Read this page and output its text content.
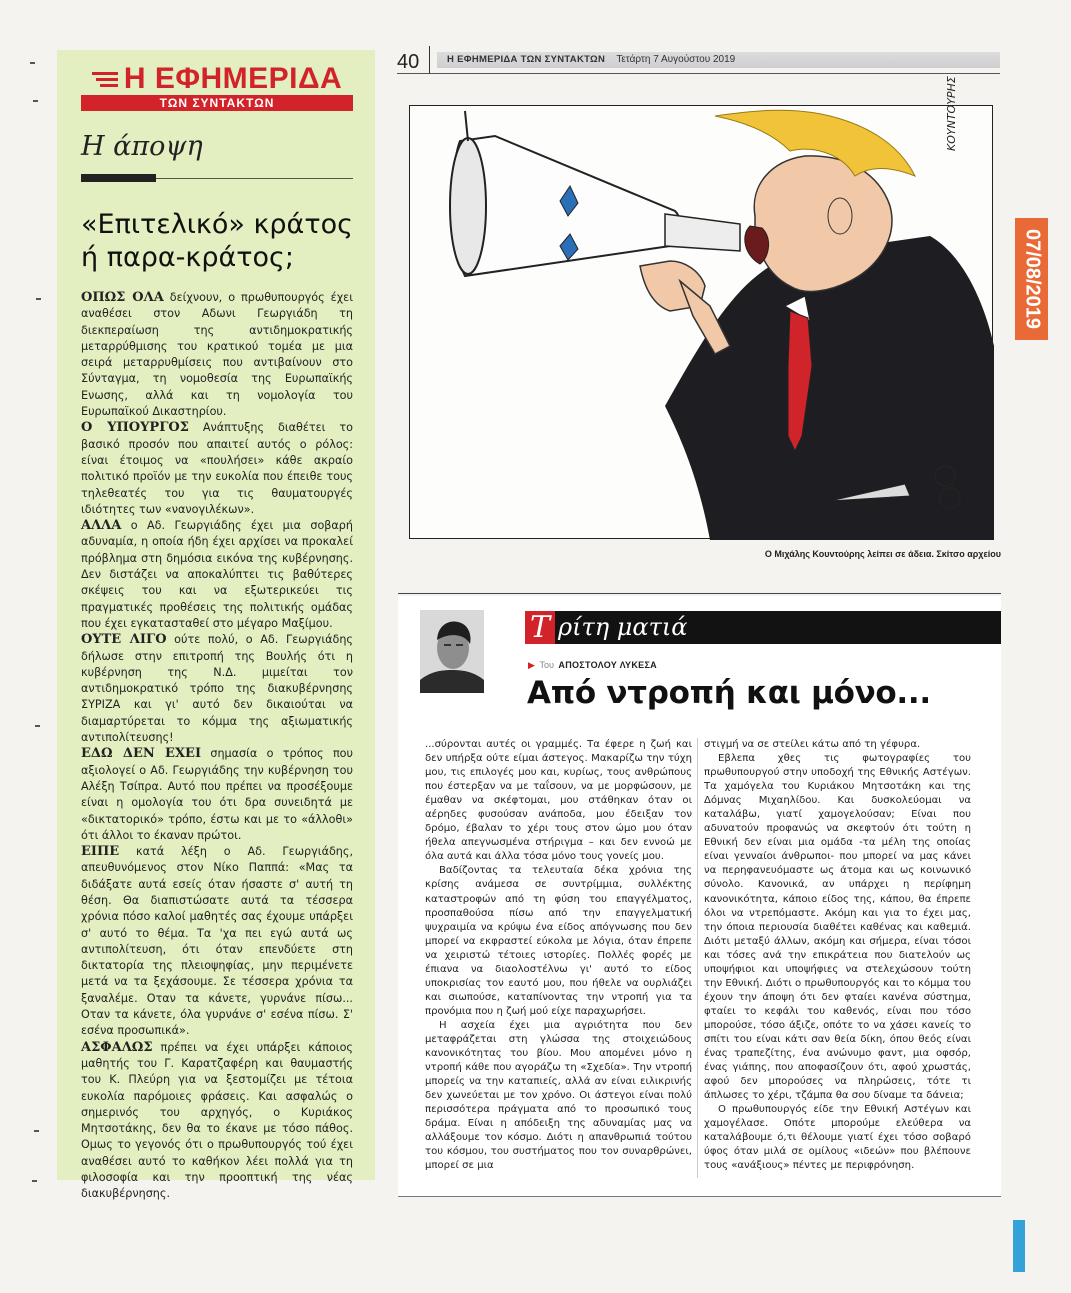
Η ΕΦΗΜΕΡΙΔΑ
ΤΩΝ ΣΥΝΤΑΚΤΩΝ
Η άποψη
«Επιτελικό» κράτος ή παρα-κράτος;

ΟΠΩΣ ΟΛΑ δείχνουν, ο πρωθυπουργός έχει αναθέσει στον Αδωνι Γεωργιάδη τη διεκπεραίωση της αντιδημοκρατικής μεταρρύθμισης του κρατικού τομέα με μια σειρά μεταρρυθμίσεις που αντιβαίνουν στο Σύνταγμα, τη νομοθεσία της Ευρωπαϊκής Ενωσης, αλλά και τη νομολογία του Ευρωπαϊκού Δικαστηρίου.

Ο ΥΠΟΥΡΓΟΣ Ανάπτυξης διαθέτει το βασικό προσόν που απαιτεί αυτός ο ρόλος: είναι έτοιμος να «πουλήσει» κάθε ακραίο πολιτικό προϊόν με την ευκολία που έπειθε τους τηλεθεατές του για τις θαυματουργές ιδιότητες των «νανογιλέκων».

ΑΛΛΑ ο Αδ. Γεωργιάδης έχει μια σοβαρή αδυναμία, η οποία ήδη έχει αρχίσει να προκαλεί πρόβλημα στη δημόσια εικόνα της κυβέρνησης. Δεν διστάζει να αποκαλύπτει τις βαθύτερες σκέψεις του και να εξωτερικεύει τις πραγματικές προθέσεις της πολιτικής ομάδας που έχει εγκατασταθεί στο μέγαρο Μαξίμου.

ΟΥΤΕ ΛΙΓΟ ούτε πολύ, ο Αδ. Γεωργιάδης δήλωσε στην επιτροπή της Βουλής ότι η κυβέρνηση της Ν.Δ. μιμείται τον αντιδημοκρατικό τρόπο της διακυβέρνησης ΣΥΡΙΖΑ και γι' αυτό δεν δικαιούται να διαμαρτύρεται το κόμμα της αξιωματικής αντιπολίτευσης!

ΕΔΩ ΔΕΝ ΕΧΕΙ σημασία ο τρόπος που αξιολογεί ο Αδ. Γεωργιάδης την κυβέρνηση του Αλέξη Τσίπρα. Αυτό που πρέπει να προσέξουμε είναι η ομολογία του ότι δρα συνειδητά με «δικτατορικό» τρόπο, έστω και με το «άλλοθι» ότι άλλοι το έκαναν πρώτοι.

ΕΙΠΕ κατά λέξη ο Αδ. Γεωργιάδης, απευθυνόμενος στον Νίκο Παππά: «Μας τα διδάξατε αυτά εσείς όταν ήσαστε σ' αυτή τη θέση. Θα διαπιστώσατε αυτά τα τέσσερα χρόνια πόσο καλοί μαθητές σας έχουμε υπάρξει σ' αυτό το θέμα. Τα 'χα πει εγώ αυτά ως αντιπολίτευση, ότι όταν επενδύετε στη δικτατορία της πλειοψηφίας, μην περιμένετε μετά να τα ξεχάσουμε. Σε τέσσερα χρόνια τα ξαναλέμε. Οταν τα κάνετε, γυρνάνε πίσω... Οταν τα κάνετε, όλα γυρνάνε σ' εσένα πίσω. Σ' εσένα προσωπικά».

ΑΣΦΑΛΩΣ πρέπει να έχει υπάρξει κάποιος μαθητής του Γ. Καρατζαφέρη και θαυμαστής του Κ. Πλεύρη για να ξεστομίζει με τέτοια ευκολία παρόμοιες φράσεις. Και ασφαλώς ο σημερινός του αρχηγός, ο Κυριάκος Μητσοτάκης, δεν θα το έκανε με τόσο πάθος. Ομως το γεγονός ότι ο πρωθυπουργός τού έχει αναθέσει αυτό το καθήκον λέει πολλά για τη φιλοσοφία και την προοπτική της νέας διακυβέρνησης.

40	Η ΕΦΗΜΕΡΙΔΑ ΤΩΝ ΣΥΝΤΑΚΤΩΝ Τετάρτη 7 Αυγούστου 2019
ΚΟΥΝΤΟΥΡΗΣ
Ο Μιχάλης Κουντούρης λείπει σε άδεια. Σκίτσο αρχείου
07/08/2019
Τ ρίτη ματιά
▶ Του ΑΠΟΣΤΟΛΟΥ ΛΥΚΕΣΑ
Από ντροπή και μόνο...

...σύρονται αυτές οι γραμμές. Τα έφερε η ζωή και δεν υπήρξα ούτε είμαι άστεγος. Μακαρίζω την τύχη μου, τις επιλογές μου και, κυρίως, τους ανθρώπους που έστερξαν να με ταΐσουν, να με μορφώσουν, με έμαθαν να σκέφτομαι, μου στάθηκαν όταν οι αέρηδες φυσούσαν ανάποδα, μου έδειξαν τον δρόμο, έβαλαν το χέρι τους στον ώμο μου όταν ήθελα απεγνωσμένα στήριγμα – και δεν εννοώ με όλα αυτά και άλλα τόσα μόνο τους γονείς μου.

Βαδίζοντας τα τελευταία δέκα χρόνια της κρίσης ανάμεσα σε συντρίμμια, συλλέκτης καταστροφών από τη φύση του επαγγέλματος, προσπαθούσα πίσω από την επαγγελματική ψυχραιμία να κρύψω ένα είδος απόγνωσης που δεν μπορεί να εκφραστεί εύκολα με λόγια, όταν έπρεπε να χειριστώ τέτοιες ιστορίες. Πολλές φορές με έπιανα να διαολοστέλνω γι' αυτό το είδος υποκρισίας τον εαυτό μου, που ήθελε να ουρλιάζει και σιωπούσε, καταπίνοντας την ντροπή για τα προνόμια που η ζωή μού είχε παραχωρήσει.

Η ασχεία έχει μια αγριότητα που δεν μεταφράζεται στη γλώσσα της στοιχειώδους κανονικότητας του βίου. Μου απομένει μόνο η ντροπή κάθε που αγοράζω τη «Σχεδία». Την ντροπή μπορείς να την καταπιείς, αλλά αν είναι ειλικρινής δεν χωνεύεται με τον χρόνο. Οι άστεγοι είναι πολύ περισσότερα πράγματα από το προσωπικό τους δράμα. Είναι η απόδειξη της αδυναμίας μας να αλλάξουμε τον κόσμο. Διότι η απανθρωπιά τούτου του κόσμου, του συστήματος που τον συναρθρώνει, μπορεί σε μια

στιγμή να σε στείλει κάτω από τη γέφυρα.

Εβλεπα χθες τις φωτογραφίες του πρωθυπουργού στην υποδοχή της Εθνικής Αστέγων. Τα χαμόγελα του Κυριάκου Μητσοτάκη και της Δόμνας Μιχαηλίδου. Και δυσκολεύομαι να καταλάβω, γιατί χαμογελούσαν; Είναι που αδυνατούν προφανώς να σκεφτούν ότι τούτη η Εθνική δεν είναι μια ομάδα -τα μέλη της οποίας είναι γενναίοι άνθρωποι- που μπορεί να μας κάνει να περηφανευόμαστε ως άτομα και ως κοινωνικό σύνολο. Κανονικά, αν υπάρχει η περίφημη κανονικότητα, κάποιο είδος της, κάπου, θα έπρεπε όλοι να ντρεπόμαστε. Ακόμη και για το έχει μας, την όποια περιουσία διαθέτει καθένας και καθεμιά. Διότι μεταξύ άλλων, ακόμη και σήμερα, είναι τόσοι και τόσες ανά την επικράτεια που διατελούν ως υποψήφιοι και υποψήφιες να στελεχώσουν τούτη την Εθνική. Διότι ο πρωθυπουργός και το κόμμα του έχουν την άποψη ότι δεν φταίει κανένα σύστημα, φταίει το κεφάλι του καθενός, είναι που τόσο μπορούσε, τόσο άξιζε, οπότε το να χάσει κανείς το σπίτι του είναι κάτι σαν θεία δίκη, όπου θεός είναι ένας τραπεζίτης, ένα ανώνυμο φαντ, μια οφσόρ, ένας γιάπης, που αποφασίζουν ότι, αφού χρωστάς, αφού δεν μπορούσες να πληρώσεις, τότε τι άπλωσες το χέρι, τζάμπα θα σου δίναμε τα δάνεια;

Ο πρωθυπουργός είδε την Εθνική Αστέγων και χαμογέλασε. Οπότε μπορούμε ελεύθερα να καταλάβουμε ό,τι θέλουμε γιατί έχει τόσο σοβαρό ύφος όταν μιλά σε ομίλους «ιδεών» που βλέπουνε τους «ανάξιους» πέντες με περιφρόνηση.
